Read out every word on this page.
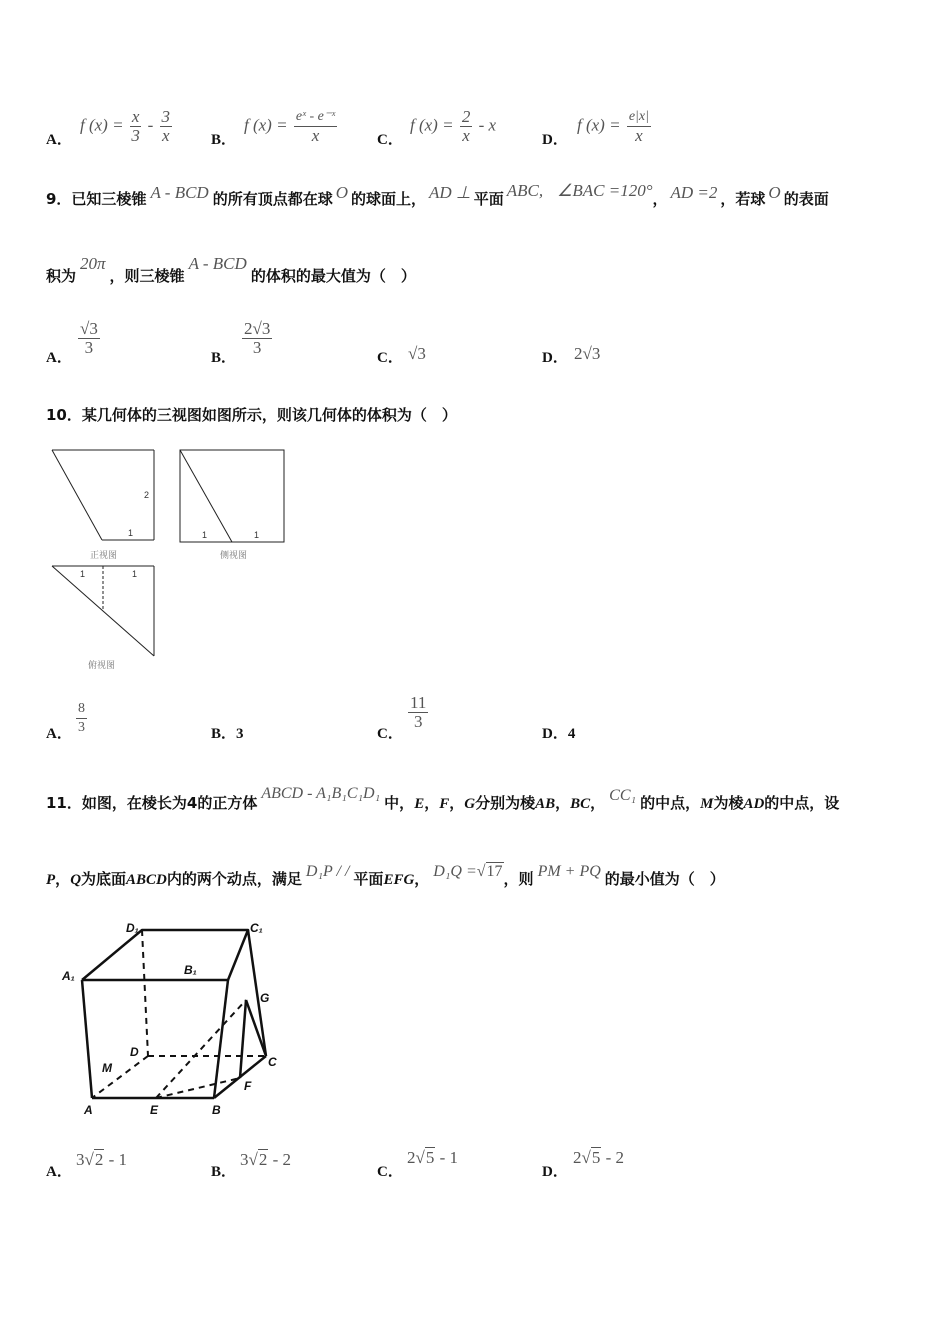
A．
f $(x) = \frac{x}{3} - \frac{3}{x}$	B．
f $(x) = \frac{\text{eˣ - e⁻ˣ}}{x}$	C．
f $(x) = \frac{2}{x} - x$
D．
f $(x) = \frac{e|x|}{x}$
9．已知三棱锥 A - BCD 的所有顶点都在球 O 的球面上， AD ⊥ 平面 ABC, ∠BAC =120°， AD =2 ，若球 O 的表面
积为20π，则三棱锥A - BCD的体积的最大值为（　）
A．
$\frac{√3}{3}$
B．
$\frac{2√3}{3}$
C． √3	D． 2√3
10．某几何体的三视图如图所示，则该几何体的体积为（　）
2
1
正视图
1	1
侧视图
1	1
俯视图
A． $\frac{8}{3}$	B．3	C．
$\frac{11}{3}$
D．4
11．如图，在棱长为4的正方体ABCD - A₁B₁C₁D₁中，E，F，G分别为棱AB，BC， CC₁ 的中点，M为棱AD的中点，设
P，Q为底面ABCD内的两个动点，满足 D₁P / / 平面EFG， D₁Q =√17，则 PM + PQ 的最小值为（　）
D₁	C₁
A₁	B₁
G
D
C
M
F
A	E	B
A．
3√2 - 1
B．
3√2 - 2
C．
2√5 - 1
D．
2√5 - 2
